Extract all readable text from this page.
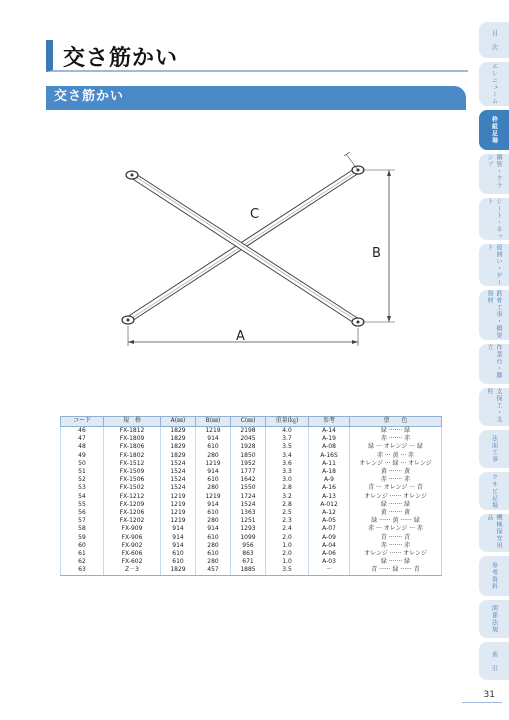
交さ筋かい
交さ筋かい
C
B
A
コード	規　格	A(㎜)	B(㎜)	C(㎜)	重量(㎏)	参考	塗　　色
46	FX-1812	1829	1219	2198	4.0	A-14	緑 ······· 緑
47	FX-1809	1829	914	2045	3.7	A-19	赤 ······· 赤
48	FX-1806	1829	610	1928	3.5	A-08	緑 ··· オレンジ ··· 緑
49	FX-1802	1829	280	1850	3.4	A-16S	赤 ··· 黄 ··· 赤
50	FX-1512	1524	1219	1952	3.6	A-11	オレンジ ··· 緑 ··· オレンジ
51	FX-1509	1524	914	1777	3.3	A-18	黄 ······· 黄
52	FX-1506	1524	610	1642	3.0	A-9	赤 ······· 赤
53	FX-1502	1524	280	1550	2.8	A-16	青 ··· オレンジ ··· 青
54	FX-1212	1219	1219	1724	3.2	A-13	オレンジ ······ オレンジ
55	FX-1209	1219	914	1524	2.8	A-012	緑 ······· 緑
56	FX-1206	1219	610	1363	2.5	A-12	黄 ······· 黄
57	FX-1202	1219	280	1251	2.3	A-05	緑 ······ 黄 ······ 緑
58	FX-909	914	914	1293	2.4	A-07	赤 ··· オレンジ ··· 赤
59	FX-906	914	610	1099	2.0	A-09	青 ······· 青
60	FX-902	914	280	956	1.0	A-04	赤 ······· 赤
61	FX-606	610	610	863	2.0	A-06	オレンジ ······ オレンジ
62	FX-602	610	280	671	1.0	A-03	緑 ······· 緑
63	Z－3	1829	457	1885	3.5	－	青 ······ 緑 ······ 青
目　次
エレニューム
枠組足場
鋼管・クランプ
シート・ネット
仮囲い・ゲート
鉄骨工事・橋梁資材
作業台・脚立
支保工・支柱
法面工事
クサビ足場
機械保安用品
参考資料
関係法規
索　引
31
